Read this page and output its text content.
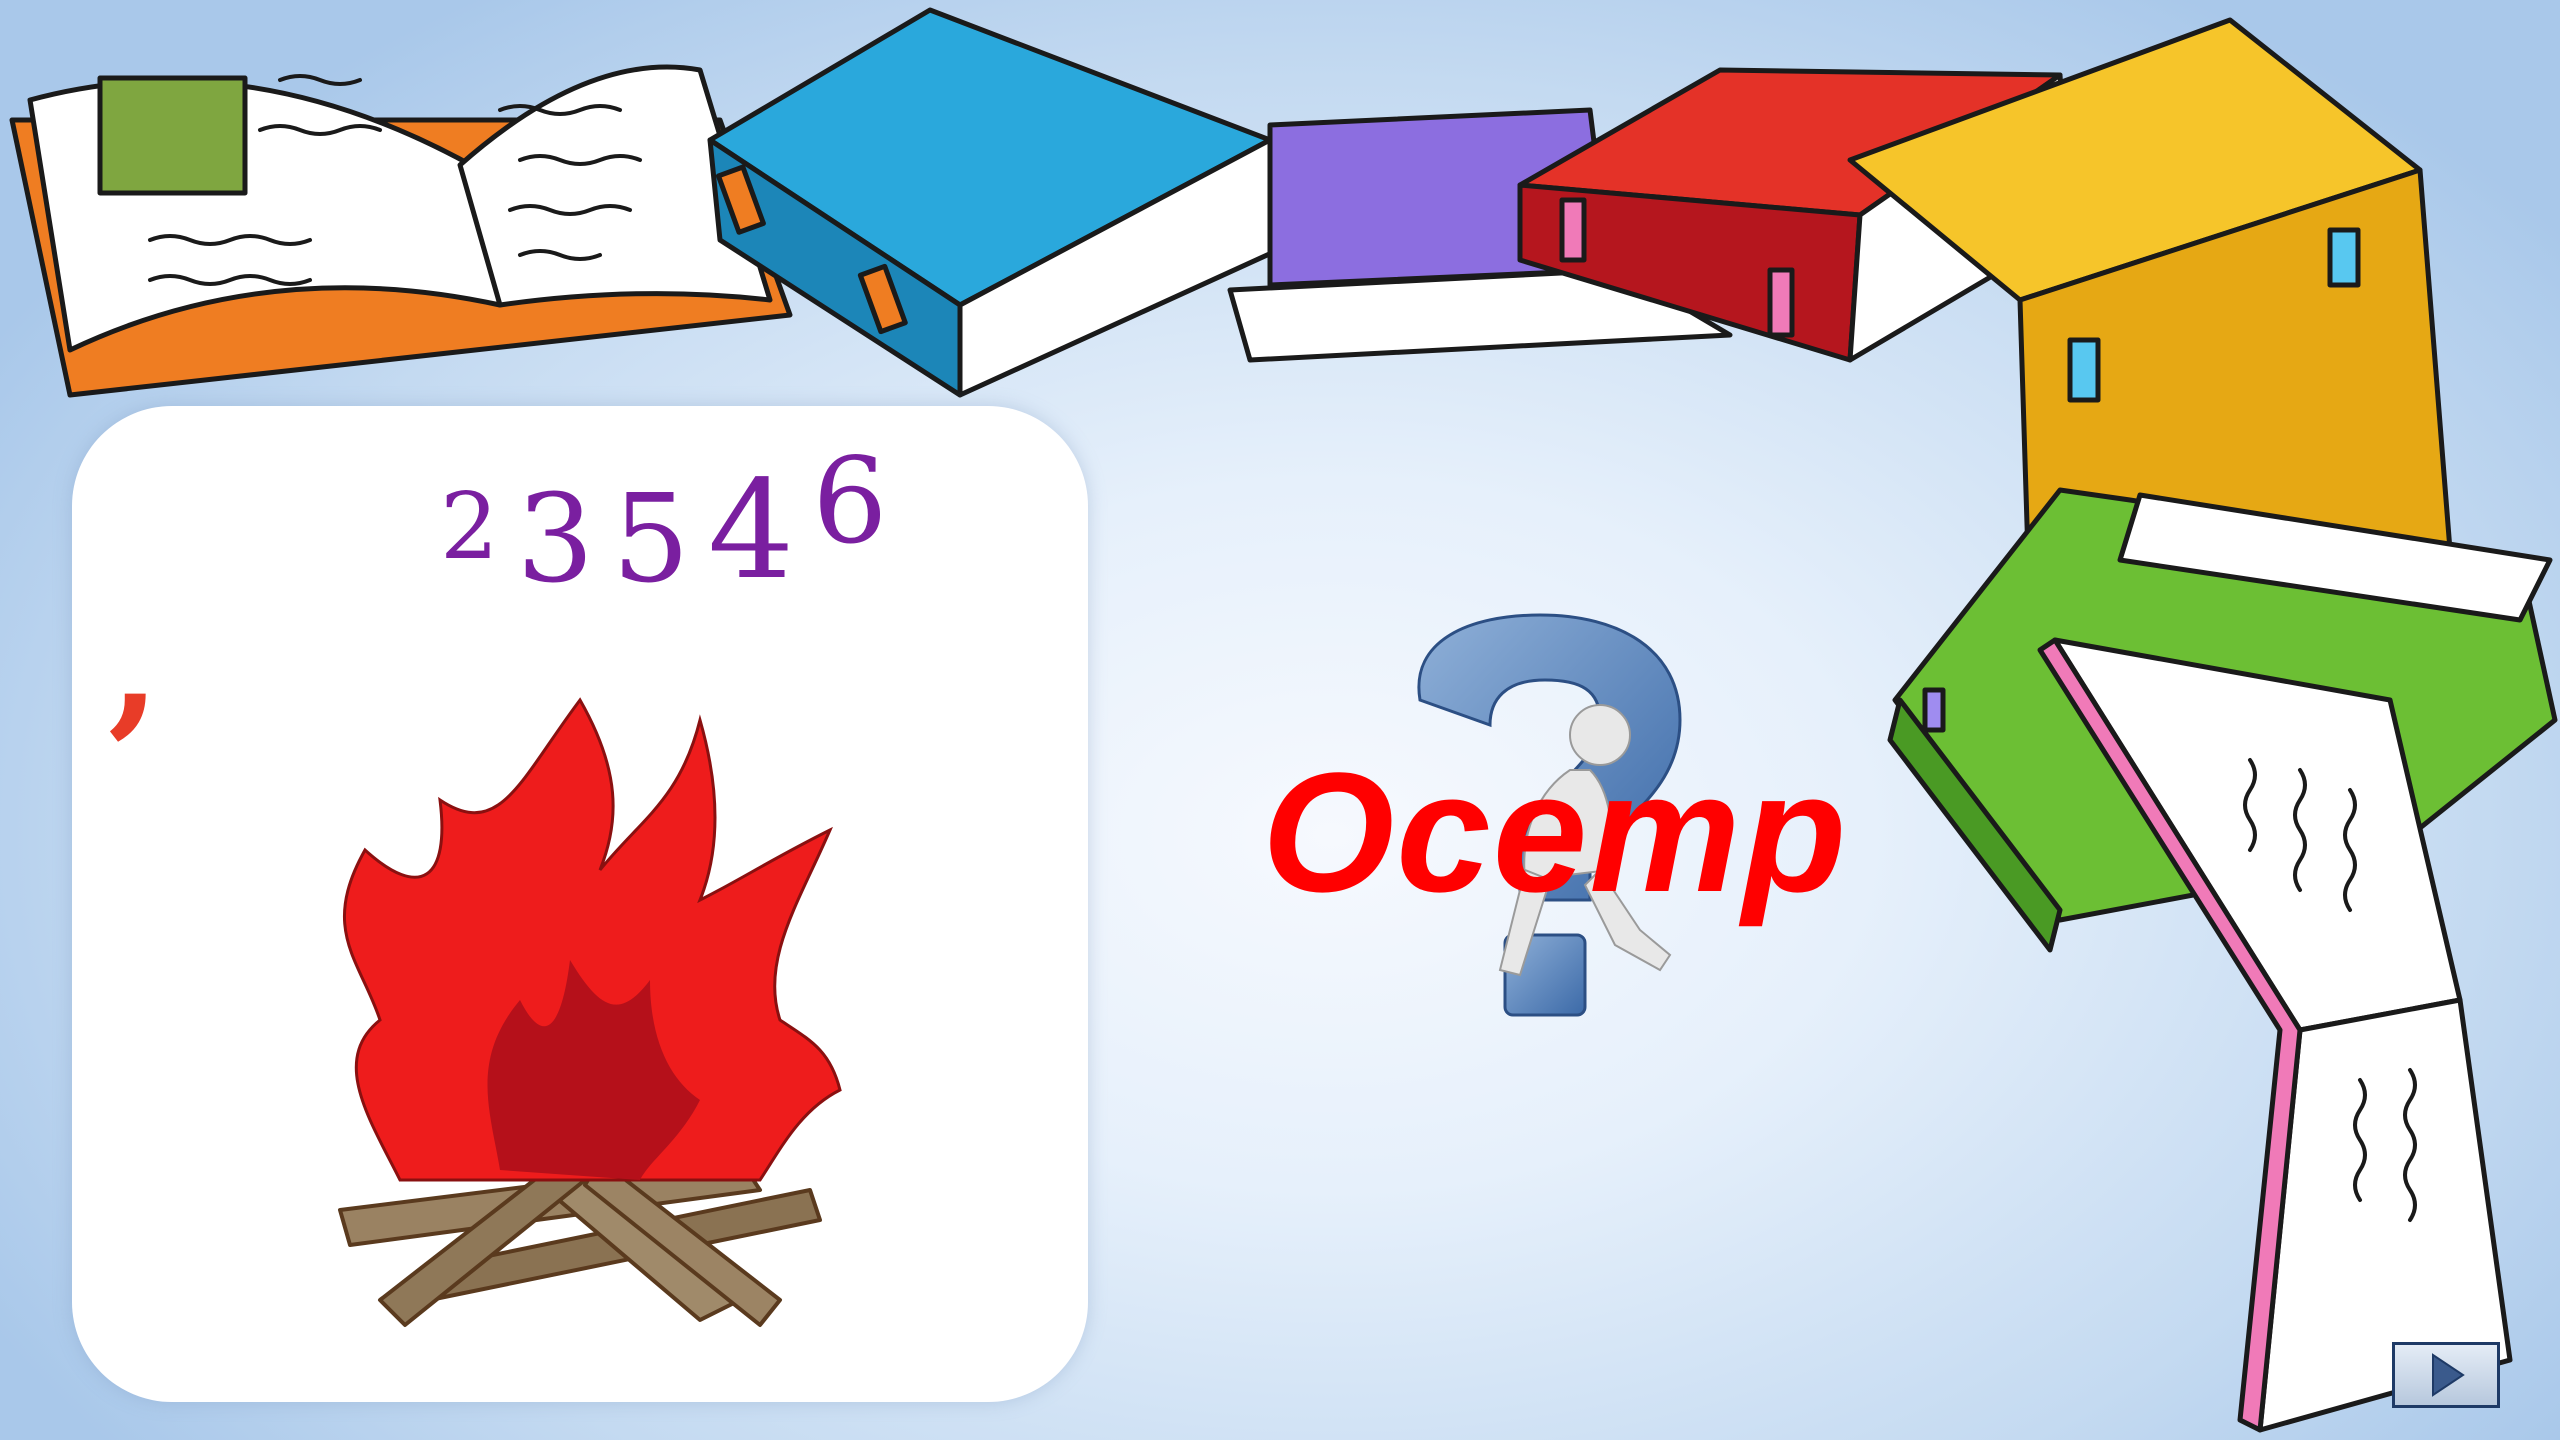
2 3 5 4 6
,
Осетр
